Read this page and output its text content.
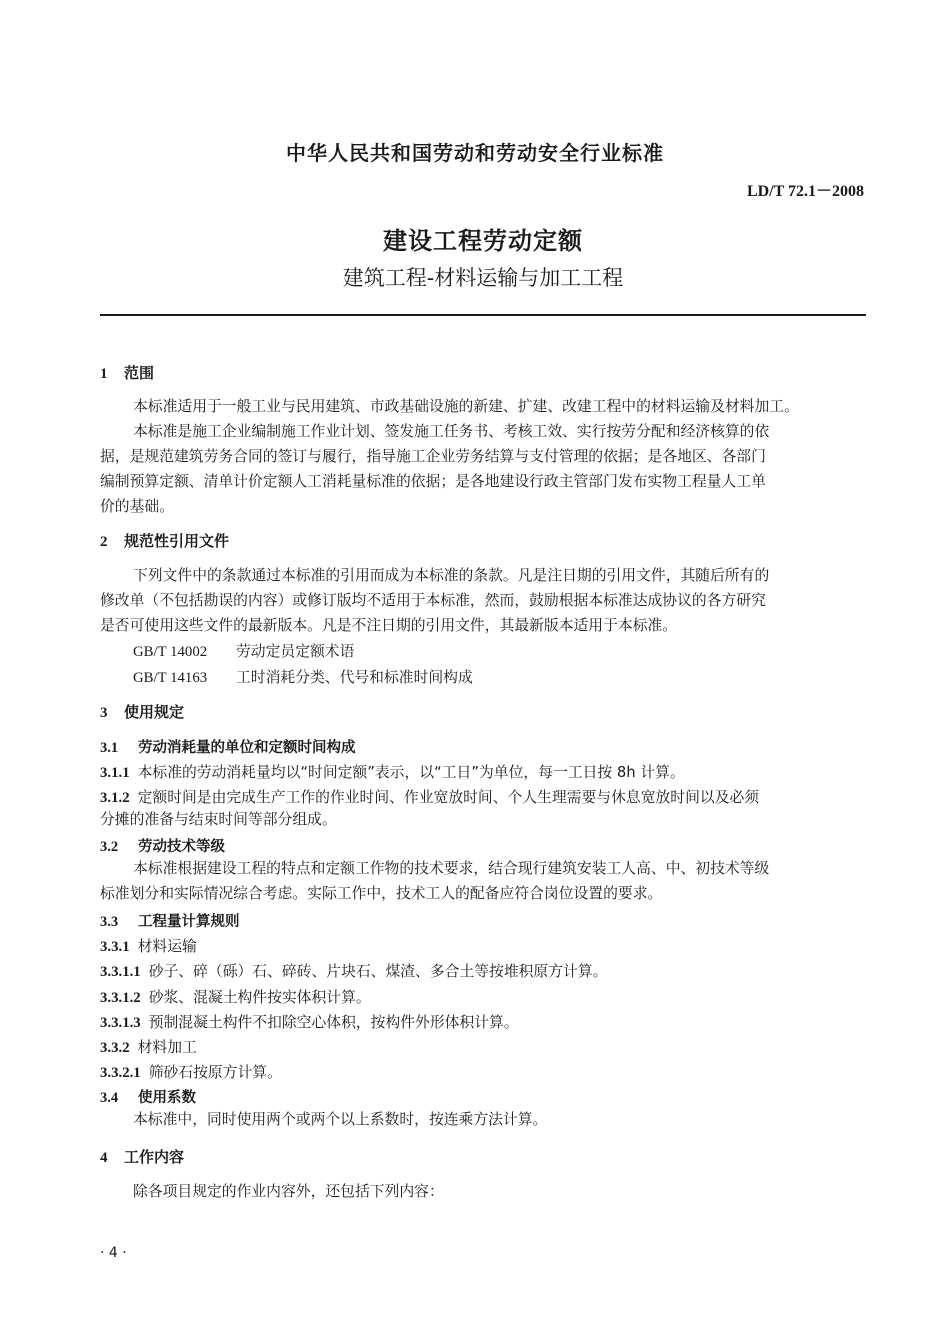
中华人民共和国劳动和劳动安全行业标准
LD/T 72.1－2008
建设工程劳动定额
建筑工程-材料运输与加工工程
1 范围
本标准适用于一般工业与民用建筑、市政基础设施的新建、扩建、改建工程中的材料运输及材料加工。
本标准是施工企业编制施工作业计划、签发施工任务书、考核工效、实行按劳分配和经济核算的依
据，是规范建筑劳务合同的签订与履行，指导施工企业劳务结算与支付管理的依据；是各地区、各部门
编制预算定额、清单计价定额人工消耗量标准的依据；是各地建设行政主管部门发布实物工程量人工单
价的基础。
2 规范性引用文件
下列文件中的条款通过本标准的引用而成为本标准的条款。凡是注日期的引用文件，其随后所有的
修改单（不包括勘误的内容）或修订版均不适用于本标准，然而，鼓励根据本标准达成协议的各方研究
是否可使用这些文件的最新版本。凡是不注日期的引用文件，其最新版本适用于本标准。
GB/T 14002 劳动定员定额术语
GB/T 14163 工时消耗分类、代号和标准时间构成
3 使用规定
3.1 劳动消耗量的单位和定额时间构成
3.1.1 本标准的劳动消耗量均以“时间定额”表示，以“工日”为单位，每一工日按 8h 计算。
3.1.2 定额时间是由完成生产工作的作业时间、作业宽放时间、个人生理需要与休息宽放时间以及必须
分摊的准备与结束时间等部分组成。
3.2 劳动技术等级
本标准根据建设工程的特点和定额工作物的技术要求，结合现行建筑安装工人高、中、初技术等级
标准划分和实际情况综合考虑。实际工作中，技术工人的配备应符合岗位设置的要求。
3.3 工程量计算规则
3.3.1 材料运输
3.3.1.1 砂子、碎（砾）石、碎砖、片块石、煤渣、多合土等按堆积原方计算。
3.3.1.2 砂浆、混凝土构件按实体积计算。
3.3.1.3 预制混凝土构件不扣除空心体积，按构件外形体积计算。
3.3.2 材料加工
3.3.2.1 筛砂石按原方计算。
3.4 使用系数
本标准中，同时使用两个或两个以上系数时，按连乘方法计算。
4 工作内容
除各项目规定的作业内容外，还包括下列内容：
· 4 ·
